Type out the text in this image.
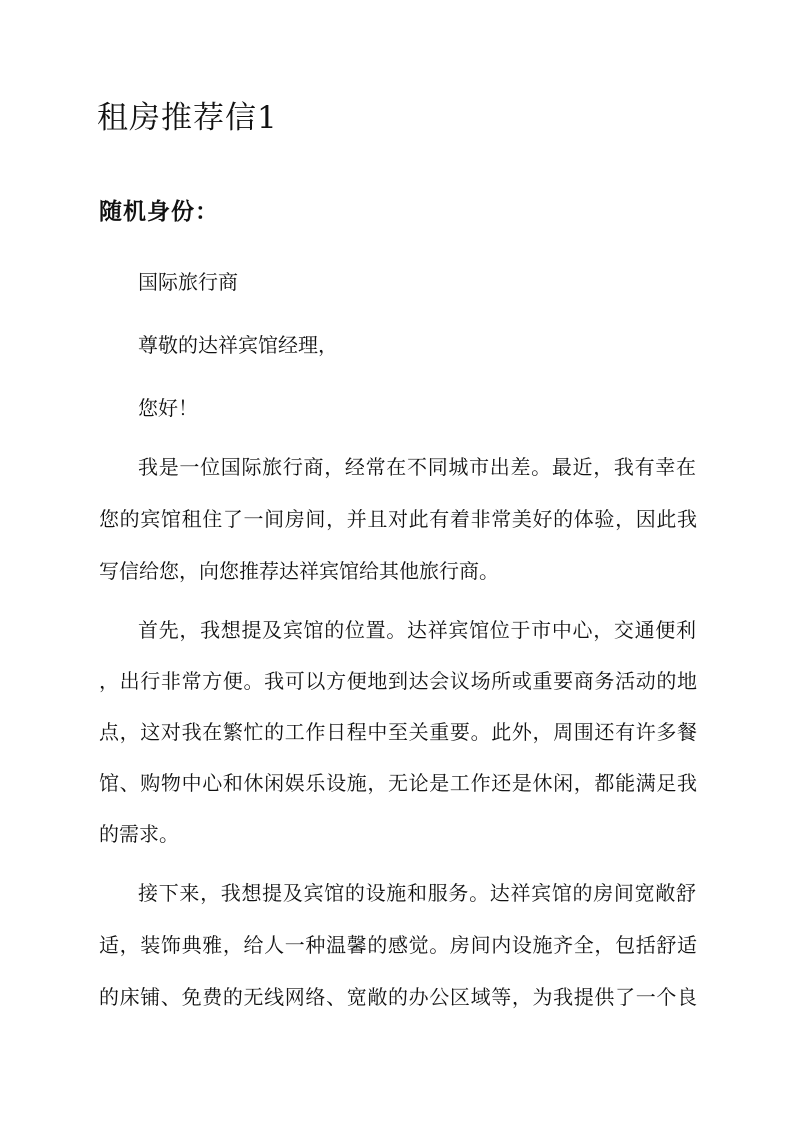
租房推荐信1
随机身份：

国际旅行商

尊敬的达祥宾馆经理，

您好！

我是一位国际旅行商，经常在不同城市出差。最近，我有幸在

您的宾馆租住了一间房间，并且对此有着非常美好的体验，因此我

写信给您，向您推荐达祥宾馆给其他旅行商。

首先，我想提及宾馆的位置。达祥宾馆位于市中心，交通便利

，出行非常方便。我可以方便地到达会议场所或重要商务活动的地

点，这对我在繁忙的工作日程中至关重要。此外，周围还有许多餐

馆、购物中心和休闲娱乐设施，无论是工作还是休闲，都能满足我

的需求。

接下来，我想提及宾馆的设施和服务。达祥宾馆的房间宽敞舒

适，装饰典雅，给人一种温馨的感觉。房间内设施齐全，包括舒适

的床铺、免费的无线网络、宽敞的办公区域等，为我提供了一个良
